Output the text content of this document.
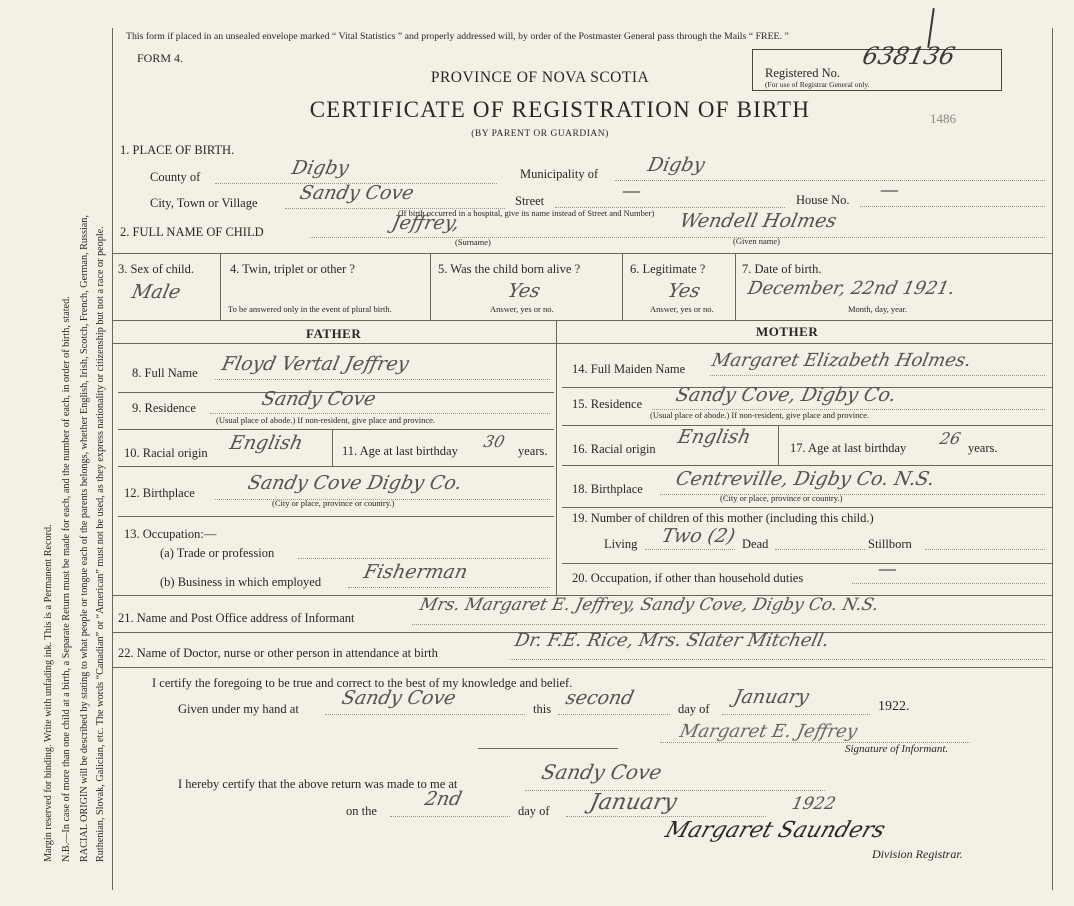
Margin reserved for binding. Write with unfading ink. This is a Permanent Record. N.B.—In case of more than one child at a birth, a Separate Return must be made for each, and the number of each, in order of birth, stated. RACIAL ORIGIN will be described by stating to what people or tongue each of the parents belongs, whether English, Irish, Scotch, French, German, Russian, Ruthenian, Slovak, Galician, etc. The words “Canadian” or “American” must not be used, as they express nationality or citizenship but not a race or people.
This form if placed in an unsealed envelope marked “ Vital Statistics ” and properly addressed will, by order of the Postmaster General pass through the Mails “ FREE. ”
FORM 4.
PROVINCE OF NOVA SCOTIA
CERTIFICATE OF REGISTRATION OF BIRTH
(BY PARENT OR GUARDIAN)
Registered No.
638136
(For use of Registrar General only.
1486
1. PLACE OF BIRTH.
County of	Digby	Municipality of	Digby
City, Town or Village Sandy Cove	Street	—	House No. —
(If birth occurred in a hospital, give its name instead of Street and Number)
2. FULL NAME OF CHILD	Jeffrey,
(Surname)
Wendell Holmes
(Given name)
3. Sex of child.
Male
4. Twin, triplet or other ?
To be answered only in the event of plural birth.
5. Was the child born alive ?
Yes
Answer, yes or no.
6. Legitimate ?
Yes
Answer, yes or no.
7. Date of birth.
December, 22nd 1921.
Month, day, year.
FATHER
8. Full Name Floyd Vertal Jeffrey
9. Residence	Sandy Cove
(Usual place of abode.) If non-resident, give place and province.
10. Racial origin English	11. Age at last birthday 30 years.
12. Birthplace	Sandy Cove Digby Co.
(City or place, province or country.)
13. Occupation:—
(a) Trade or profession
(b) Business in which employed Fisherman
MOTHER
14. Full Maiden Name Margaret Elizabeth Holmes.
15. Residence Sandy Cove, Digby Co.
(Usual place of abode.) If non-resident, give place and province.
16. Racial origin
English	17. Age at last birthday 26 years.
18. Birthplace Centreville, Digby Co. N.S.
(City or place, province or country.)
19. Number of children of this mother (including this child.)
Living Two (2) Dead	Stillborn
20. Occupation, if other than household duties	—
21. Name and Post Office address of Informant
Mrs. Margaret E. Jeffrey, Sandy Cove, Digby Co. N.S.
22. Name of Doctor, nurse or other person in attendance at birth
Dr. F.E. Rice, Mrs. Slater Mitchell.
I certify the foregoing to be true and correct to the best of my knowledge and belief.
Given under my hand at Sandy Cove	this second	day of
January	1922.
Margaret E. Jeffrey
Signature of Informant.
I hereby certify that the above return was made to me at	Sandy Cove
on the
2nd
day of January	1922
Margaret Saunders
Division Registrar.
